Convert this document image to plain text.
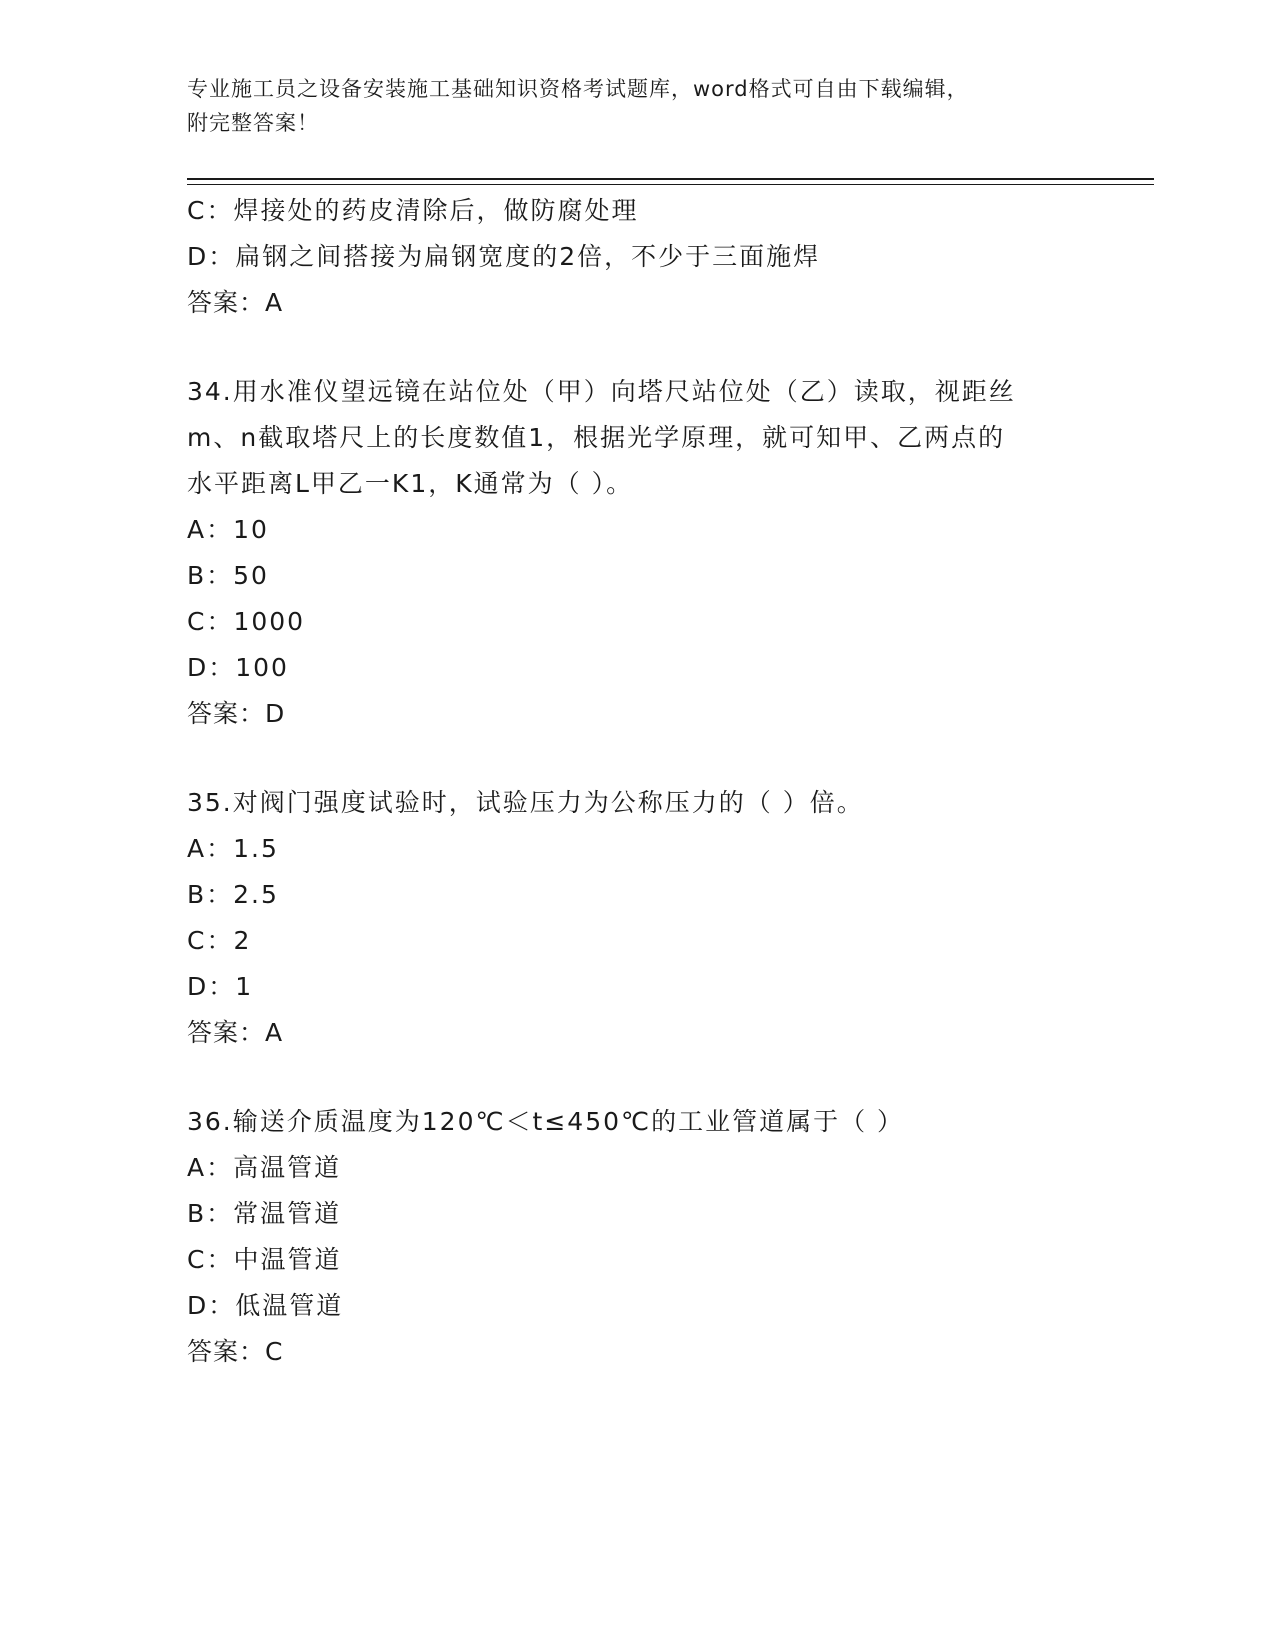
专业施工员之设备安装施工基础知识资格考试题库，word格式可自由下载编辑，
附完整答案！
C：焊接处的药皮清除后，做防腐处理
D：扁钢之间搭接为扁钢宽度的2倍，不少于三面施焊
答案：A
34.用水准仪望远镜在站位处（甲）向塔尺站位处（乙）读取，视距丝
m、n截取塔尺上的长度数值1，根据光学原理，就可知甲、乙两点的
水平距离L甲乙一K1，K通常为（ ）。
A：10
B：50
C：1000
D：100
答案：D
35.对阀门强度试验时，试验压力为公称压力的（ ）倍。
A：1.5
B：2.5
C：2
D：1
答案：A
36.输送介质温度为120℃＜t≤450℃的工业管道属于（ ）
A：高温管道
B：常温管道
C：中温管道
D：低温管道
答案：C
